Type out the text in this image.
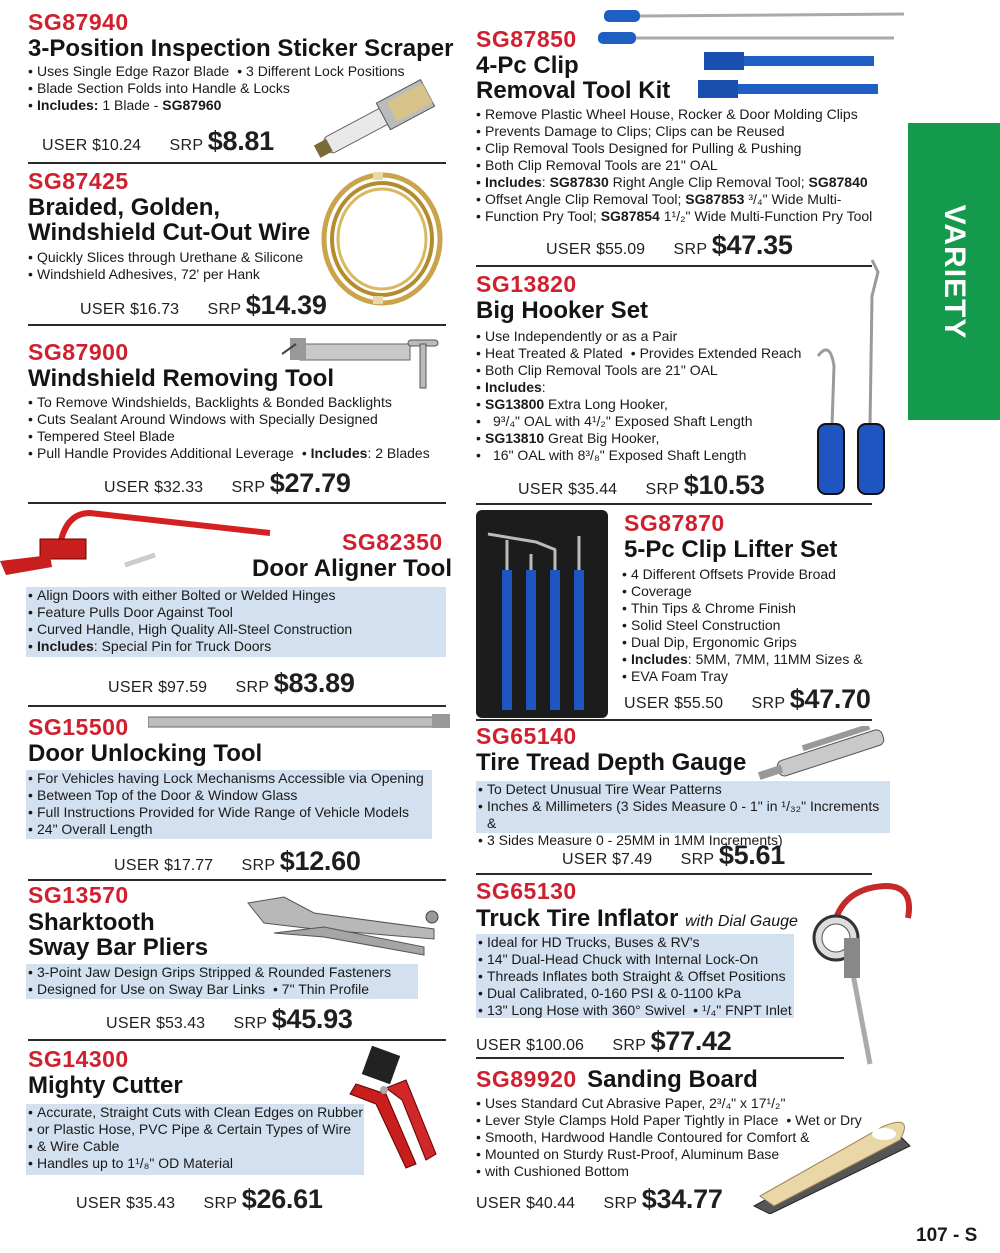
SG87940
3-Position Inspection Sticker Scraper
• Uses Single Edge Razor Blade • 3 Different Lock Positions
• Blade Section Folds into Handle & Locks
• Includes: 1 Blade - SG87960
USER $10.24 SRP $8.81
SG87425
Braided, Golden,
Windshield Cut-Out Wire
• Quickly Slices through Urethane & Silicone
• Windshield Adhesives, 72' per Hank
USER $16.73 SRP $14.39
SG87900
Windshield Removing Tool
• To Remove Windshields, Backlights & Bonded Backlights
• Cuts Sealant Around Windows with Specially Designed
• Tempered Steel Blade
• Pull Handle Provides Additional Leverage • Includes: 2 Blades
USER $32.33 SRP $27.79
SG82350
Door Aligner Tool
• Align Doors with either Bolted or Welded Hinges
• Feature Pulls Door Against Tool
• Curved Handle, High Quality All-Steel Construction
• Includes: Special Pin for Truck Doors
USER $97.59 SRP $83.89
SG15500
Door Unlocking Tool
• For Vehicles having Lock Mechanisms Accessible via Opening
• Between Top of the Door & Window Glass
• Full Instructions Provided for Wide Range of Vehicle Models
• 24" Overall Length
USER $17.77 SRP $12.60
SG13570
Sharktooth
Sway Bar Pliers
• 3-Point Jaw Design Grips Stripped & Rounded Fasteners
• Designed for Use on Sway Bar Links • 7" Thin Profile
USER $53.43 SRP $45.93
SG14300
Mighty Cutter
• Accurate, Straight Cuts with Clean Edges on Rubber
• or Plastic Hose, PVC Pipe & Certain Types of Wire
• & Wire Cable
• Handles up to 1¹/₈" OD Material
USER $35.43 SRP $26.61
SG87850
4-Pc Clip
Removal Tool Kit
• Remove Plastic Wheel House, Rocker & Door Molding Clips
• Prevents Damage to Clips; Clips can be Reused
• Clip Removal Tools Designed for Pulling & Pushing
• Both Clip Removal Tools are 21" OAL
• Includes: SG87830 Right Angle Clip Removal Tool; SG87840
• Offset Angle Clip Removal Tool; SG87853 ³/₄" Wide Multi-
• Function Pry Tool; SG87854 1¹/₂" Wide Multi-Function Pry Tool
USER $55.09 SRP $47.35
SG13820
Big Hooker Set
• Use Independently or as a Pair
• Heat Treated & Plated • Provides Extended Reach
• Both Clip Removal Tools are 21" OAL
• Includes:
• SG13800 Extra Long Hooker,
• 9³/₄" OAL with 4¹/₂" Exposed Shaft Length
• SG13810 Great Big Hooker,
• 16" OAL with 8³/₈" Exposed Shaft Length
USER $35.44 SRP $10.53
SG87870
5-Pc Clip Lifter Set
• 4 Different Offsets Provide Broad
• Coverage
• Thin Tips & Chrome Finish
• Solid Steel Construction
• Dual Dip, Ergonomic Grips
• Includes: 5MM, 7MM, 11MM Sizes &
• EVA Foam Tray
USER $55.50 SRP $47.70
SG65140
Tire Tread Depth Gauge
• To Detect Unusual Tire Wear Patterns
• Inches & Millimeters (3 Sides Measure 0 - 1" in ¹/₃₂" Increments &
• 3 Sides Measure 0 - 25MM in 1MM Increments)
USER $7.49 SRP $5.61
SG65130
Truck Tire Inflator with Dial Gauge
• Ideal for HD Trucks, Buses & RV's
• 14" Dual-Head Chuck with Internal Lock-On
• Threads Inflates both Straight & Offset Positions
• Dual Calibrated, 0-160 PSI & 0-1100 kPa
• 13" Long Hose with 360° Swivel • ¹/₄" FNPT Inlet
USER $100.06 SRP $77.42
SG89920 Sanding Board
• Uses Standard Cut Abrasive Paper, 2³/₄" x 17¹/₂"
• Lever Style Clamps Hold Paper Tightly in Place • Wet or Dry
• Smooth, Hardwood Handle Contoured for Comfort &
• Mounted on Sturdy Rust-Proof, Aluminum Base
• with Cushioned Bottom
USER $40.44 SRP $34.77
VARIETY
107 - S
